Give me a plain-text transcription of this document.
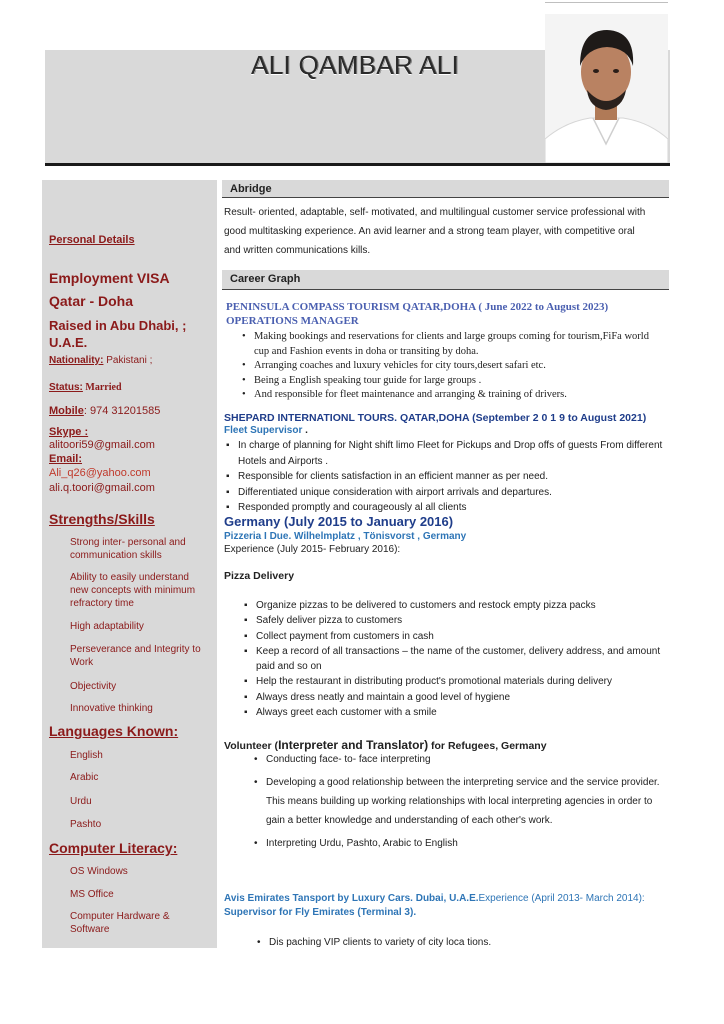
ALI QAMBAR ALI
Personal Details
Employment VISA
Qatar - Doha
Raised in Abu Dhabi, ;
U.A.E.
Nationality: Pakistani ;
Status: Married
Mobile: 974 31201585
Skype :
alitoori59@gmail.com
Email:
Ali_q26@yahoo.com
ali.q.toori@gmail.com
Strengths/Skills
Strong inter- personal and communication skills
Ability to easily understand new concepts with minimum refractory time
High adaptability
Perseverance and Integrity to Work
Objectivity
Innovative thinking
Languages Known:
English
Arabic
Urdu
Pashto
Computer Literacy:
OS Windows
MS Office
Computer Hardware & Software
Abridge
Result- oriented, adaptable, self- motivated, and multilingual customer service professional with good multitasking experience. An avid learner and a strong team player, with competitive oral and written communications kills.
Career Graph
PENINSULA COMPASS TOURISM QATAR,DOHA ( June 2022 to August 2023)
OPERATIONS MANAGER
• Making bookings and reservations for clients and large groups coming for tourism,FiFa world cup and Fashion events in doha or transiting by doha.
• Arranging coaches and luxury vehicles for city tours,desert safari etc.
• Being a English speaking tour guide for large groups .
• And responsible for fleet maintenance and arranging & training of drivers.
SHEPARD INTERNATIONL TOURS. QATAR,DOHA (September 2 0 1 9 to August 2021)
Fleet Supervisor .
▪ In charge of planning for Night shift limo Fleet for Pickups and Drop offs of guests From different Hotels and Airports .
▪ Responsible for clients satisfaction in an efficient manner as per need.
▪ Differentiated unique consideration with airport arrivals and departures.
▪ Responded promptly and courageously al all clients
Germany (July 2015 to January 2016)
Pizzeria I Due. Wilhelmplatz , Tönisvorst , Germany
Experience (July 2015- February 2016):
Pizza Delivery
▪ Organize pizzas to be delivered to customers and restock empty pizza packs
▪ Safely deliver pizza to customers
▪ Collect payment from customers in cash
▪ Keep a record of all transactions – the name of the customer, delivery address, and amount paid and so on
▪ Help the restaurant in distributing product's promotional materials during delivery
▪ Always dress neatly and maintain a good level of hygiene
▪ Always greet each customer with a smile
Volunteer (Interpreter and Translator) for Refugees, Germany
• Conducting face- to- face interpreting
• Developing a good relationship between the interpreting service and the service provider. This means building up working relationships with local interpreting agencies in order to gain a better knowledge and understanding of each other's work.
• Interpreting Urdu, Pashto, Arabic to English
Avis Emirates Tansport by Luxury Cars. Dubai, U.A.E.Experience (April 2013- March 2014): Supervisor for Fly Emirates (Terminal 3).
• Dis paching VIP clients to variety of city loca tions.
